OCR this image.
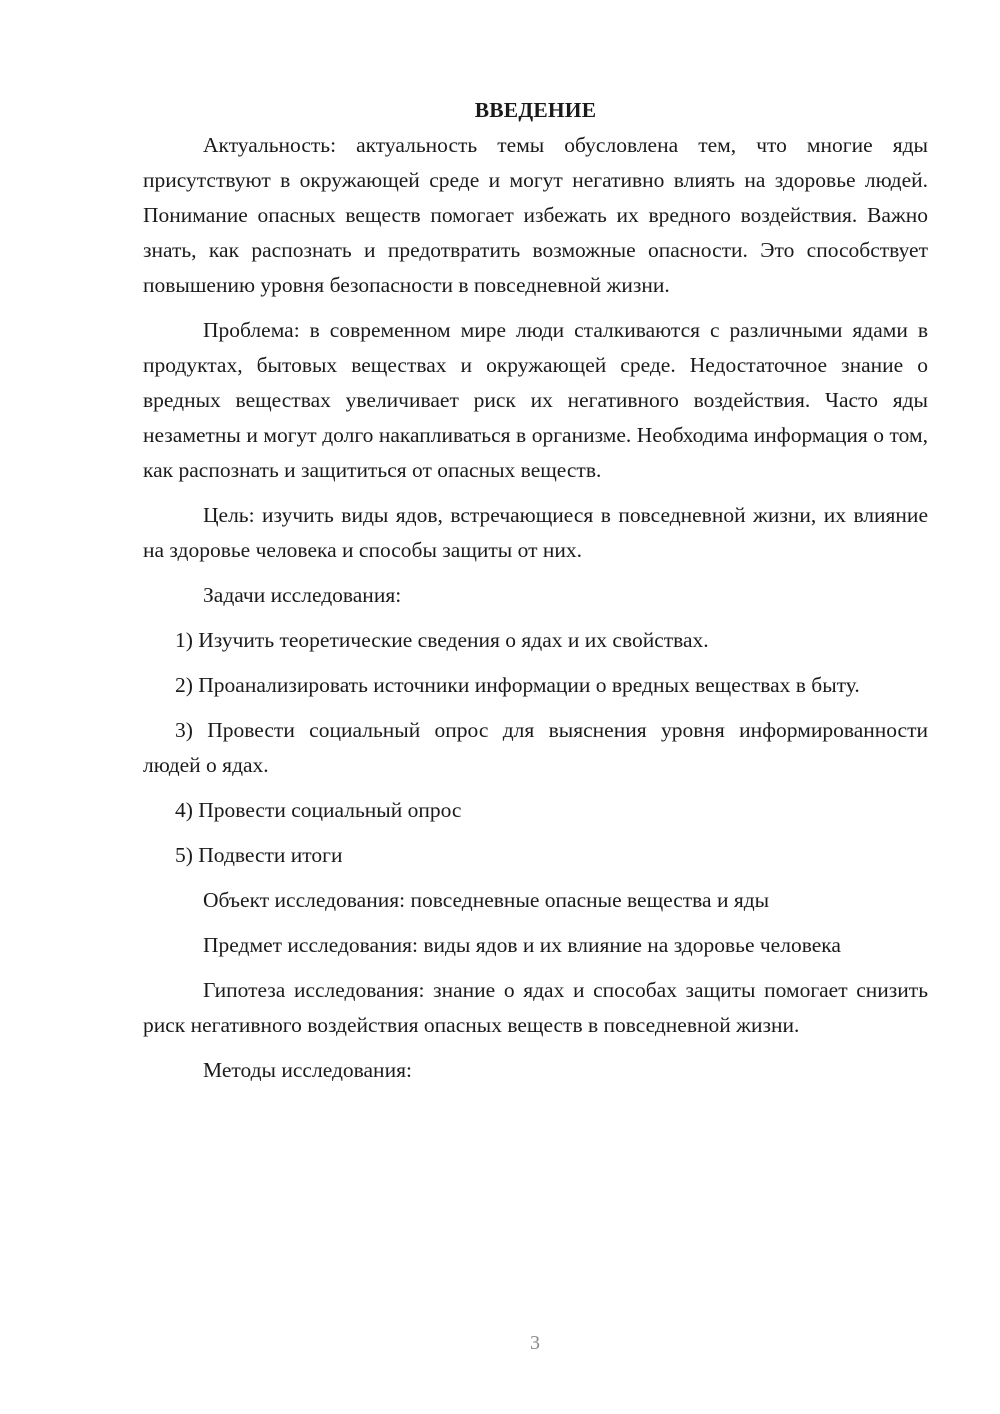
ВВЕДЕНИЕ

Актуальность: актуальность темы обусловлена тем, что многие яды присутствуют в окружающей среде и могут негативно влиять на здоровье людей. Понимание опасных веществ помогает избежать их вредного воздействия. Важно знать, как распознать и предотвратить возможные опасности. Это способствует повышению уровня безопасности в повседневной жизни.

Проблема: в современном мире люди сталкиваются с различными ядами в продуктах, бытовых веществах и окружающей среде. Недостаточное знание о вредных веществах увеличивает риск их негативного воздействия. Часто яды незаметны и могут долго накапливаться в организме. Необходима информация о том, как распознать и защититься от опасных веществ.

Цель: изучить виды ядов, встречающиеся в повседневной жизни, их влияние на здоровье человека и способы защиты от них.

Задачи исследования:

1) Изучить теоретические сведения о ядах и их свойствах.

2) Проанализировать источники информации о вредных веществах в быту.

3) Провести социальный опрос для выяснения уровня информированности людей о ядах.

4) Провести социальный опрос

5) Подвести итоги

Объект исследования: повседневные опасные вещества и яды

Предмет исследования: виды ядов и их влияние на здоровье человека

Гипотеза исследования: знание о ядах и способах защиты помогает снизить риск негативного воздействия опасных веществ в повседневной жизни.

Методы исследования:

3
